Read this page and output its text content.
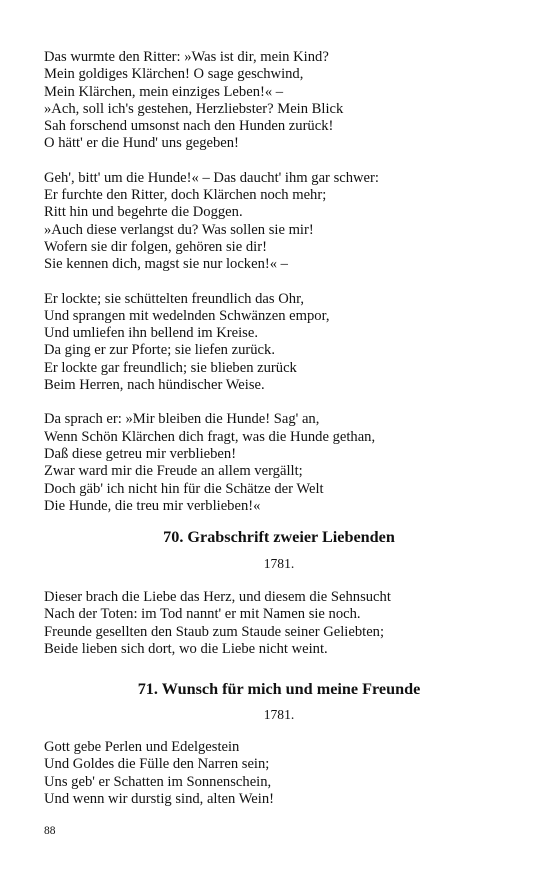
Das wurmte den Ritter: »Was ist dir, mein Kind?
Mein goldiges Klärchen! O sage geschwind,
Mein Klärchen, mein einziges Leben!« –
»Ach, soll ich's gestehen, Herzliebster? Mein Blick
Sah forschend umsonst nach den Hunden zurück!
O hätt' er die Hund' uns gegeben!
Geh', bitt' um die Hunde!« – Das daucht' ihm gar schwer:
Er furchte den Ritter, doch Klärchen noch mehr;
Ritt hin und begehrte die Doggen.
»Auch diese verlangst du? Was sollen sie mir!
Wofern sie dir folgen, gehören sie dir!
Sie kennen dich, magst sie nur locken!« –
Er lockte; sie schüttelten freundlich das Ohr,
Und sprangen mit wedelnden Schwänzen empor,
Und umliefen ihn bellend im Kreise.
Da ging er zur Pforte; sie liefen zurück.
Er lockte gar freundlich; sie blieben zurück
Beim Herren, nach hündischer Weise.
Da sprach er: »Mir bleiben die Hunde! Sag' an,
Wenn Schön Klärchen dich fragt, was die Hunde gethan,
Daß diese getreu mir verblieben!
Zwar ward mir die Freude an allem vergällt;
Doch gäb' ich nicht hin für die Schätze der Welt
Die Hunde, die treu mir verblieben!«
70. Grabschrift zweier Liebenden
1781.
Dieser brach die Liebe das Herz, und diesem die Sehnsucht
Nach der Toten: im Tod nannt' er mit Namen sie noch.
Freunde gesellten den Staub zum Staude seiner Geliebten;
Beide lieben sich dort, wo die Liebe nicht weint.
71. Wunsch für mich und meine Freunde
1781.
Gott gebe Perlen und Edelgestein
Und Goldes die Fülle den Narren sein;
Uns geb' er Schatten im Sonnenschein,
Und wenn wir durstig sind, alten Wein!
88
